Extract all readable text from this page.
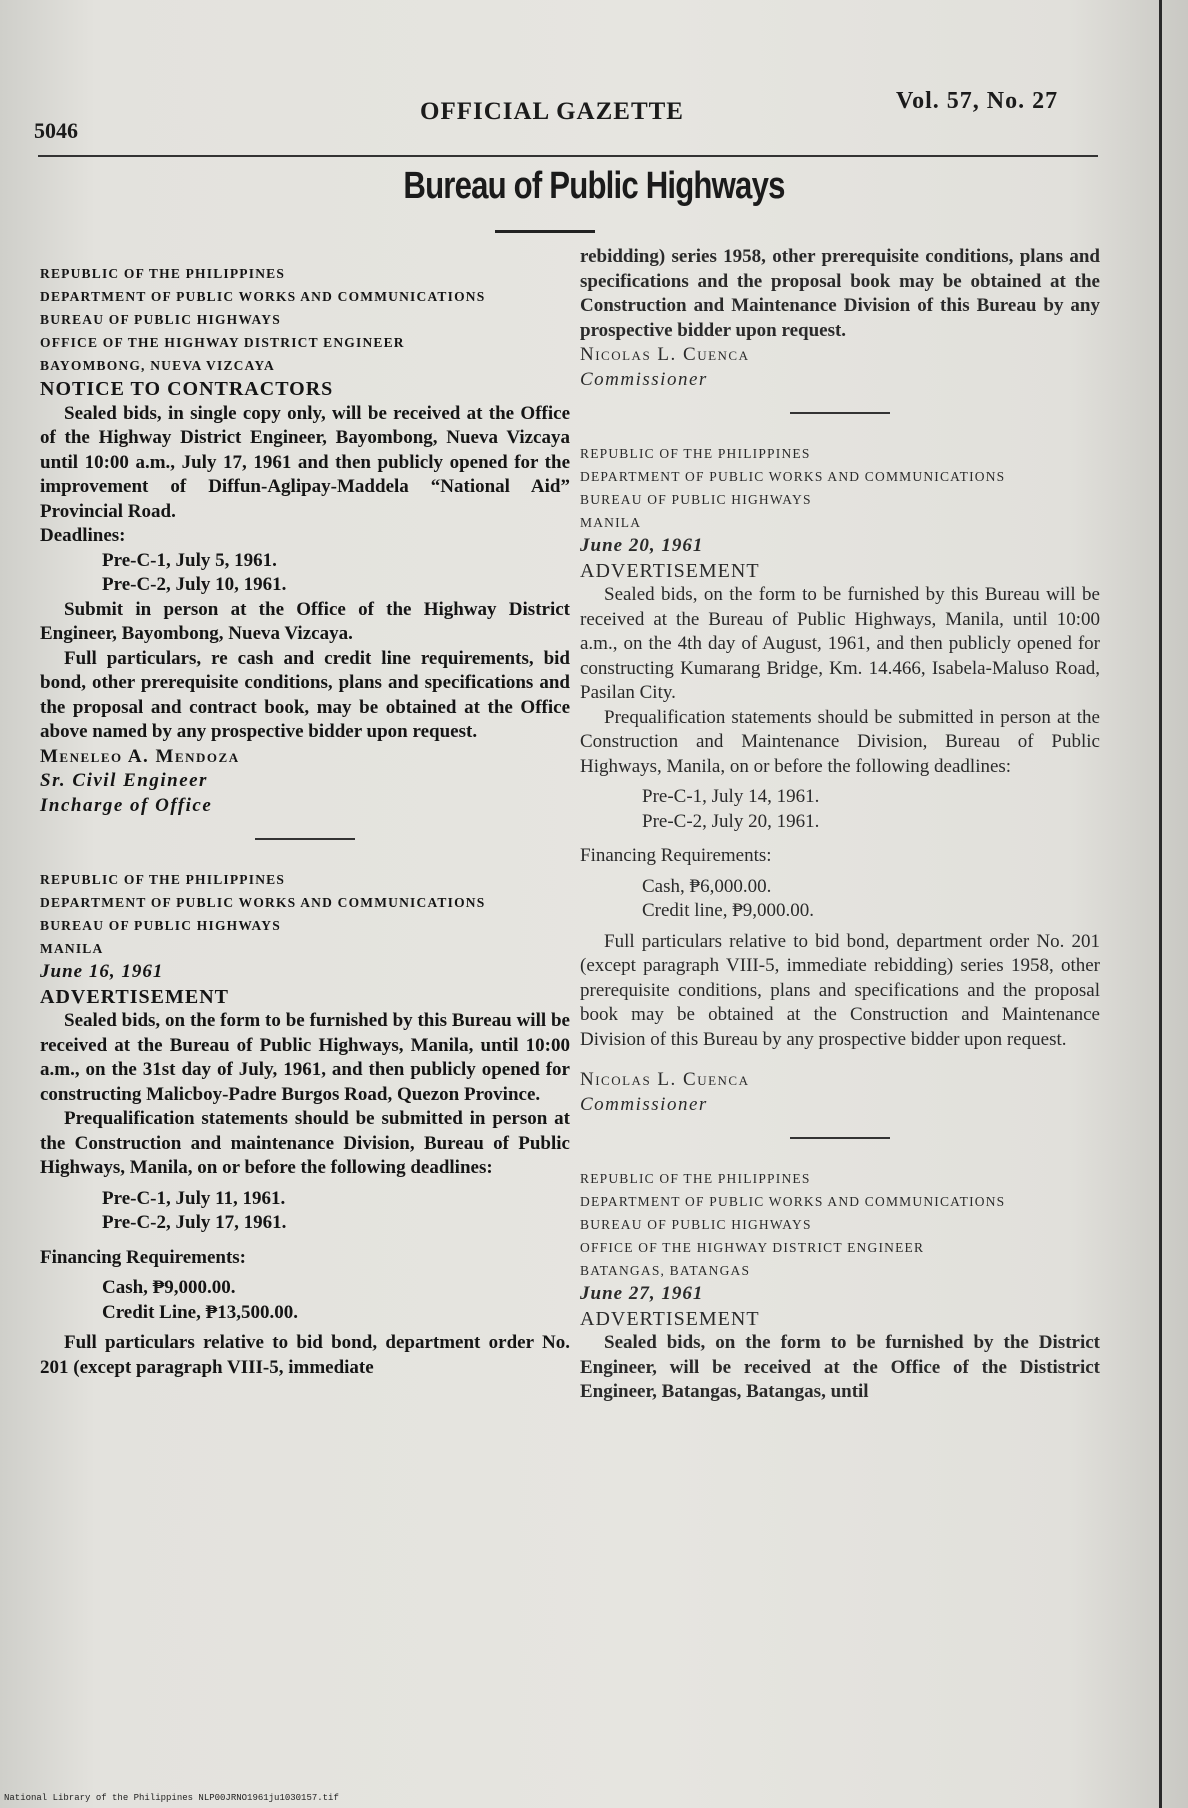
5046
OFFICIAL GAZETTE	Vol. 57, No. 27
Bureau of Public Highways

REPUBLIC OF THE PHILIPPINES

DEPARTMENT OF PUBLIC WORKS AND COMMUNICATIONS

BUREAU OF PUBLIC HIGHWAYS

OFFICE OF THE HIGHWAY DISTRICT ENGINEER

BAYOMBONG, NUEVA VIZCAYA

NOTICE TO CONTRACTORS

Sealed bids, in single copy only, will be received at the Office of the Highway District Engineer, Bayombong, Nueva Vizcaya until 10:00 a.m., July 17, 1961 and then publicly opened for the improvement of Diffun-Aglipay-Maddela “National Aid” Provincial Road.

Deadlines:

Pre-C-1, July 5, 1961.

Pre-C-2, July 10, 1961.

Submit in person at the Office of the Highway District Engineer, Bayombong, Nueva Vizcaya.

Full particulars, re cash and credit line requirements, bid bond, other prerequisite conditions, plans and specifications and the proposal and contract book, may be obtained at the Office above named by any prospective bidder upon request.

Meneleo A. Mendoza

Sr. Civil Engineer

Incharge of Office

REPUBLIC OF THE PHILIPPINES

DEPARTMENT OF PUBLIC WORKS AND COMMUNICATIONS

BUREAU OF PUBLIC HIGHWAYS

MANILA

June 16, 1961

ADVERTISEMENT

Sealed bids, on the form to be furnished by this Bureau will be received at the Bureau of Public Highways, Manila, until 10:00 a.m., on the 31st day of July, 1961, and then publicly opened for constructing Malicboy-Padre Burgos Road, Quezon Province.

Prequalification statements should be submitted in person at the Construction and maintenance Division, Bureau of Public Highways, Manila, on or before the following deadlines:

Pre-C-1, July 11, 1961.

Pre-C-2, July 17, 1961.

Financing Requirements:

Cash, ₱9,000.00.

Credit Line, ₱13,500.00.

Full particulars relative to bid bond, department order No. 201 (except paragraph VIII-5, immediate

rebidding) series 1958, other prerequisite conditions, plans and specifications and the proposal book may be obtained at the Construction and Maintenance Division of this Bureau by any prospective bidder upon request.

Nicolas L. Cuenca

Commissioner

REPUBLIC OF THE PHILIPPINES

DEPARTMENT OF PUBLIC WORKS AND COMMUNICATIONS

BUREAU OF PUBLIC HIGHWAYS

MANILA

June 20, 1961

ADVERTISEMENT

Sealed bids, on the form to be furnished by this Bureau will be received at the Bureau of Public Highways, Manila, until 10:00 a.m., on the 4th day of August, 1961, and then publicly opened for constructing Kumarang Bridge, Km. 14.466, Isabela-Maluso Road, Pasilan City.

Prequalification statements should be submitted in person at the Construction and Maintenance Division, Bureau of Public Highways, Manila, on or before the following deadlines:

Pre-C-1, July 14, 1961.

Pre-C-2, July 20, 1961.

Financing Requirements:

Cash, ₱6,000.00.

Credit line, ₱9,000.00.

Full particulars relative to bid bond, department order No. 201 (except paragraph VIII-5, immediate rebidding) series 1958, other prerequisite conditions, plans and specifications and the proposal book may be obtained at the Construction and Maintenance Division of this Bureau by any prospective bidder upon request.

Nicolas L. Cuenca

Commissioner

REPUBLIC OF THE PHILIPPINES

DEPARTMENT OF PUBLIC WORKS AND COMMUNICATIONS

BUREAU OF PUBLIC HIGHWAYS

OFFICE OF THE HIGHWAY DISTRICT ENGINEER

BATANGAS, BATANGAS

June 27, 1961

ADVERTISEMENT

Sealed bids, on the form to be furnished by the District Engineer, will be received at the Office of the Dististrict Engineer, Batangas, Batangas, until

National Library of the Philippines NLP00JRNO1961ju1030157.tif
